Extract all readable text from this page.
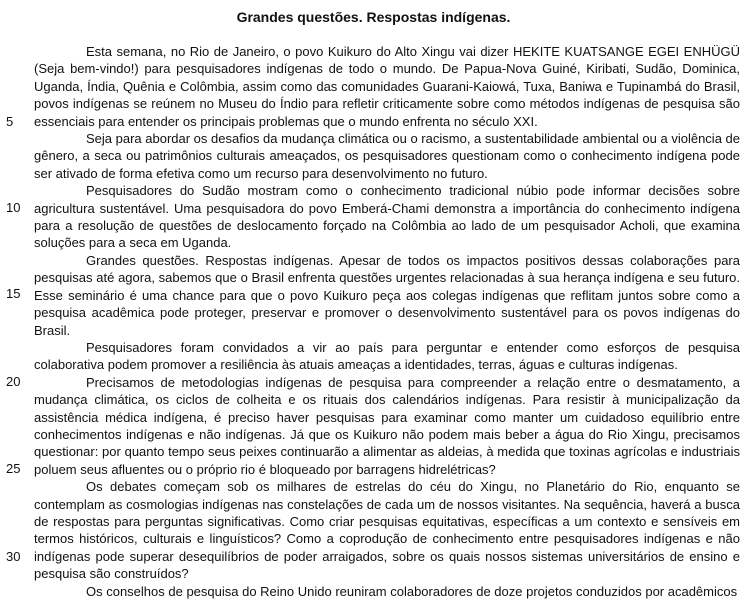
Grandes questões. Respostas indígenas.
5
10
15
20
25
30

Esta semana, no Rio de Janeiro, o povo Kuikuro do Alto Xingu vai dizer HEKITE KUATSANGE EGEI ENHÜGÜ (Seja bem-vindo!) para pesquisadores indígenas de todo o mundo. De Papua-Nova Guiné, Kiribati, Sudão, Dominica, Uganda, Índia, Quênia e Colômbia, assim como das comunidades Guarani-Kaiowá, Tuxa, Baniwa e Tupinambá do Brasil, povos indígenas se reúnem no Museu do Índio para refletir criticamente sobre como métodos indígenas de pesquisa são essenciais para entender os principais problemas que o mundo enfrenta no século XXI.

Seja para abordar os desafios da mudança climática ou o racismo, a sustentabilidade ambiental ou a violência de gênero, a seca ou patrimônios culturais ameaçados, os pesquisadores questionam como o conhecimento indígena pode ser ativado de forma efetiva como um recurso para desenvolvimento no futuro.

Pesquisadores do Sudão mostram como o conhecimento tradicional núbio pode informar decisões sobre agricultura sustentável. Uma pesquisadora do povo Emberá-Chami demonstra a importância do conhecimento indígena para a resolução de questões de deslocamento forçado na Colômbia ao lado de um pesquisador Acholi, que examina soluções para a seca em Uganda.

Grandes questões. Respostas indígenas. Apesar de todos os impactos positivos dessas colaborações para pesquisas até agora, sabemos que o Brasil enfrenta questões urgentes relacionadas à sua herança indígena e seu futuro. Esse seminário é uma chance para que o povo Kuikuro peça aos colegas indígenas que reflitam juntos sobre como a pesquisa acadêmica pode proteger, preservar e promover o desenvolvimento sustentável para os povos indígenas do Brasil.

Pesquisadores foram convidados a vir ao país para perguntar e entender como esforços de pesquisa colaborativa podem promover a resiliência às atuais ameaças a identidades, terras, águas e culturas indígenas.

Precisamos de metodologias indígenas de pesquisa para compreender a relação entre o desmatamento, a mudança climática, os ciclos de colheita e os rituais dos calendários indígenas. Para resistir à municipalização da assistência médica indígena, é preciso haver pesquisas para examinar como manter um cuidadoso equilíbrio entre conhecimentos indígenas e não indígenas. Já que os Kuikuro não podem mais beber a água do Rio Xingu, precisamos questionar: por quanto tempo seus peixes continuarão a alimentar as aldeias, à medida que toxinas agrícolas e industriais poluem seus afluentes ou o próprio rio é bloqueado por barragens hidrelétricas?

Os debates começam sob os milhares de estrelas do céu do Xingu, no Planetário do Rio, enquanto se contemplam as cosmologias indígenas nas constelações de cada um de nossos visitantes. Na sequência, haverá a busca de respostas para perguntas significativas. Como criar pesquisas equitativas, específicas a um contexto e sensíveis em termos históricos, culturais e linguísticos? Como a coprodução de conhecimento entre pesquisadores indígenas e não indígenas pode superar desequilíbrios de poder arraigados, sobre os quais nossos sistemas universitários de ensino e pesquisa são construídos?

Os conselhos de pesquisa do Reino Unido reuniram colaboradores de doze projetos conduzidos por acadêmicos
